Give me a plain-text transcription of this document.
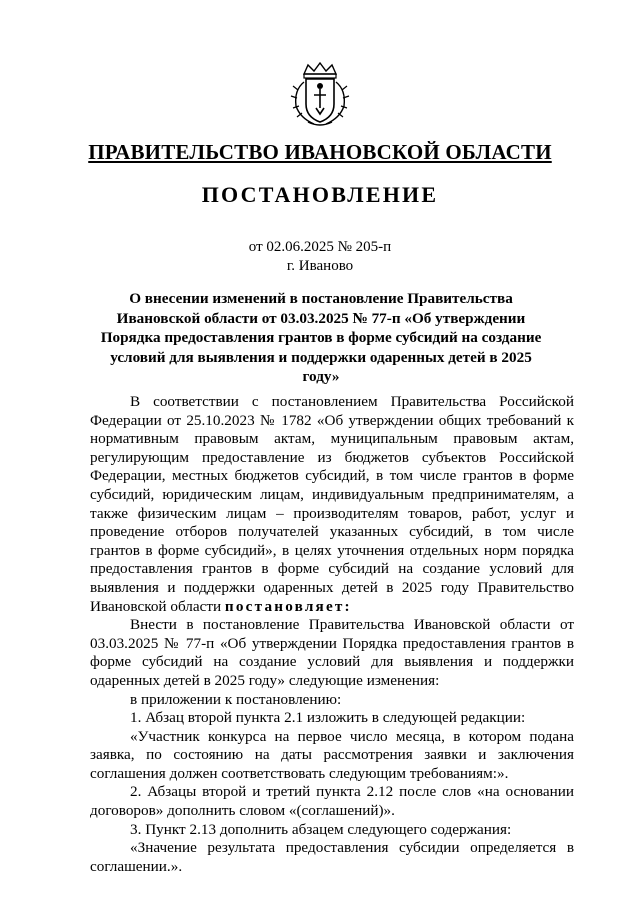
ПРАВИТЕЛЬСТВО ИВАНОВСКОЙ ОБЛАСТИ
ПОСТАНОВЛЕНИЕ
от 02.06.2025 № 205-п
г. Иваново
О внесении изменений в постановление Правительства Ивановской области от 03.03.2025 № 77-п «Об утверждении Порядка предоставления грантов в форме субсидий на создание условий для выявления и поддержки одаренных детей в 2025 году»

В соответствии с постановлением Правительства Российской Федерации от 25.10.2023 № 1782 «Об утверждении общих требований к нормативным правовым актам, муниципальным правовым актам, регулирующим предоставление из бюджетов субъектов Российской Федерации, местных бюджетов субсидий, в том числе грантов в форме субсидий, юридическим лицам, индивидуальным предпринимателям, а также физическим лицам – производителям товаров, работ, услуг и проведение отборов получателей указанных субсидий, в том числе грантов в форме субсидий», в целях уточнения отдельных норм порядка предоставления грантов в форме субсидий на создание условий для выявления и поддержки одаренных детей в 2025 году Правительство Ивановской области постановляет:

Внести в постановление Правительства Ивановской области от 03.03.2025 № 77-п «Об утверждении Порядка предоставления грантов в форме субсидий на создание условий для выявления и поддержки одаренных детей в 2025 году» следующие изменения:

в приложении к постановлению:

1. Абзац второй пункта 2.1 изложить в следующей редакции:

«Участник конкурса на первое число месяца, в котором подана заявка, по состоянию на даты рассмотрения заявки и заключения соглашения должен соответствовать следующим требованиям:».

2. Абзацы второй и третий пункта 2.12 после слов «на основании договоров» дополнить словом «(соглашений)».

3. Пункт 2.13 дополнить абзацем следующего содержания:

«Значение результата предоставления субсидии определяется в соглашении.».
